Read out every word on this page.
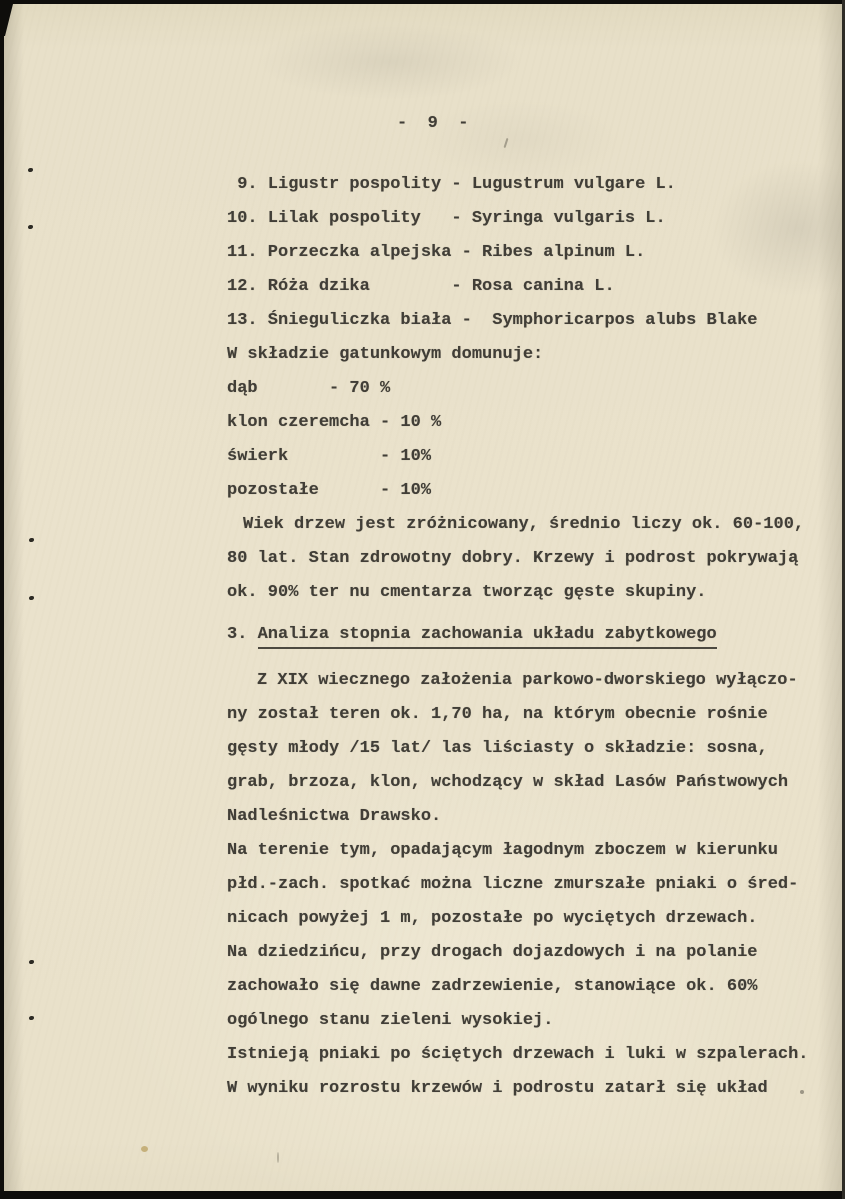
-  9  -
9. Ligustr pospolity - Lugustrum vulgare L.
10. Lilak pospolity   - Syringa vulgaris L.
11. Porzeczka alpejska - Ribes alpinum L.
12. Róża dzika        - Rosa canina L.
13. Śnieguliczka biała -  Symphoricarpos alubs Blake
W składzie gatunkowym domunuje:
dąb       - 70 %
klon czeremcha - 10 %
świerk         - 10%
pozostałe      - 10%
Wiek drzew jest zróżnicowany, średnio liczy ok. 60-100,
80 lat. Stan zdrowotny dobry. Krzewy i podrost pokrywają
ok. 90% ter nu cmentarza tworząc gęste skupiny.
3. Analiza stopnia zachowania układu zabytkowego
Z XIX wiecznego założenia parkowo-dworskiego wyłączo-
ny został teren ok. 1,70 ha, na którym obecnie rośnie
gęsty młody /15 lat/ las liściasty o składzie: sosna,
grab, brzoza, klon, wchodzący w skład Lasów Państwowych
Nadleśnictwa Drawsko.
Na terenie tym, opadającym łagodnym zboczem w kierunku
płd.-zach. spotkać można liczne zmurszałe pniaki o śred-
nicach powyżej 1 m, pozostałe po wyciętych drzewach.
Na dziedzińcu, przy drogach dojazdowych i na polanie
zachowało się dawne zadrzewienie, stanowiące ok. 60%
ogólnego stanu zieleni wysokiej.
Istnieją pniaki po ściętych drzewach i luki w szpalerach.
W wyniku rozrostu krzewów i podrostu zatarł się układ
